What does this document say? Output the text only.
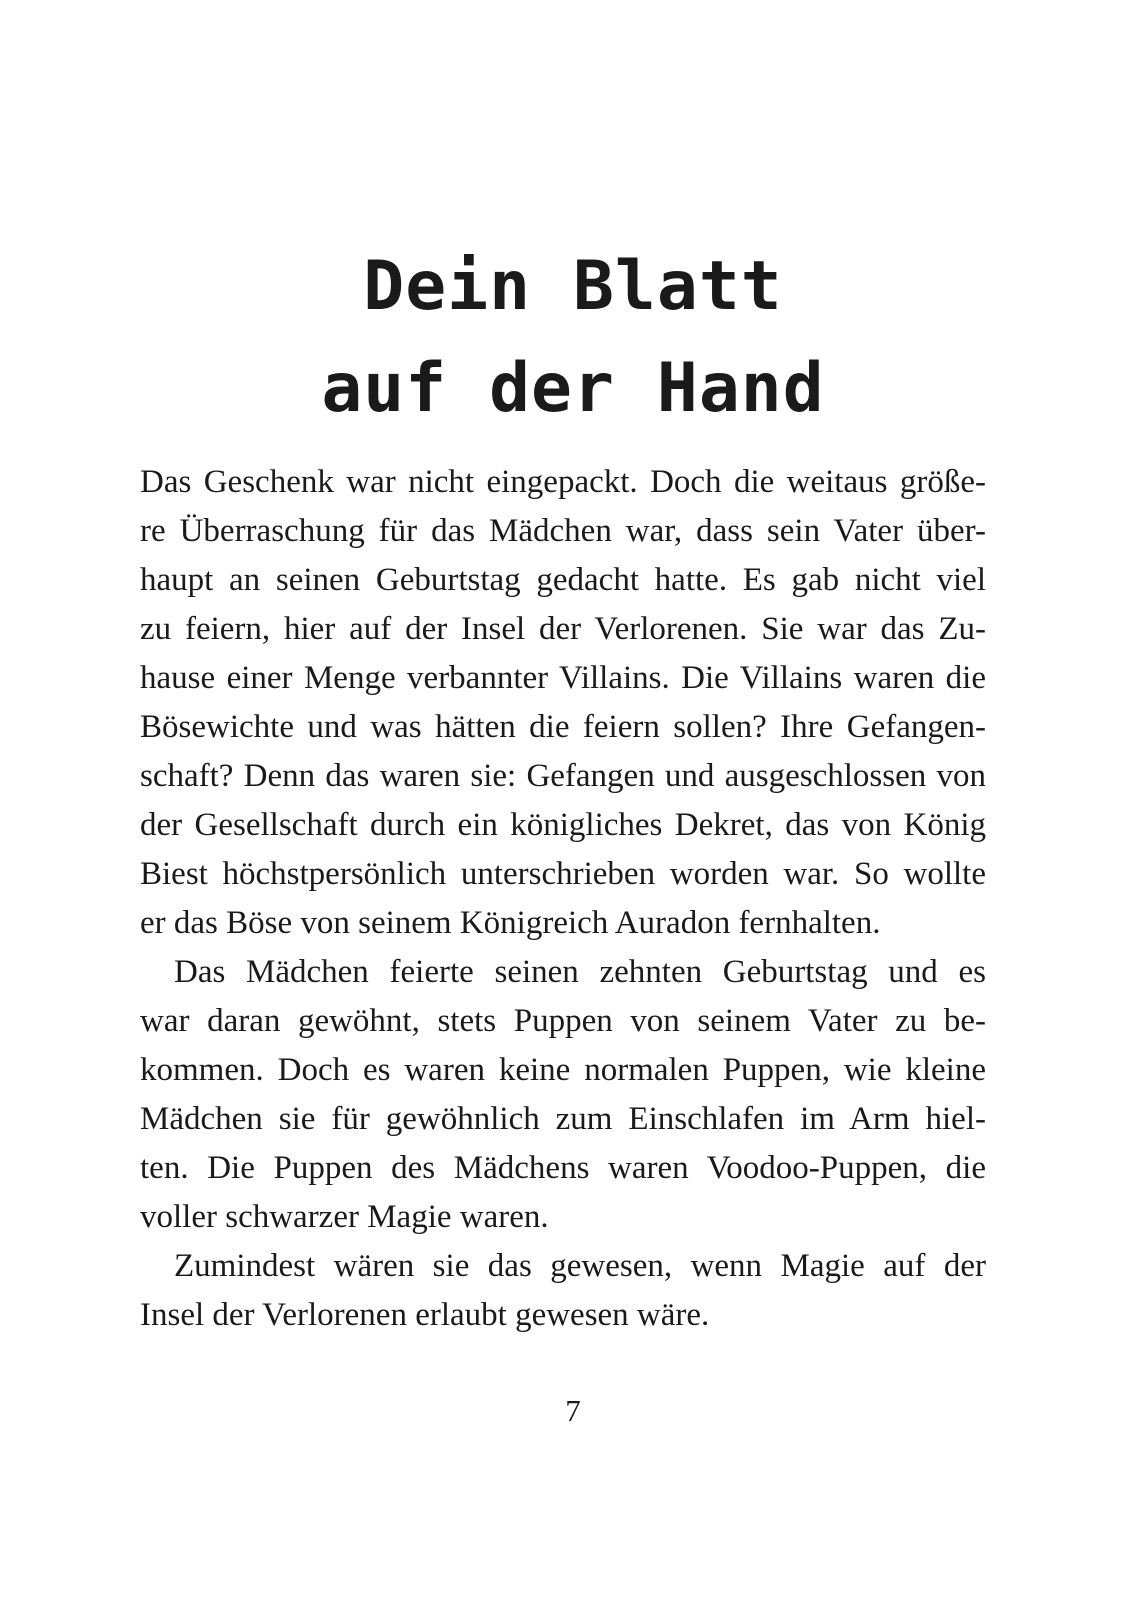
Dein Blatt
auf der Hand

Das Geschenk war nicht eingepackt. Doch die weitaus größe-
re Überraschung für das Mädchen war, dass sein Vater über-
haupt an seinen Geburtstag gedacht hatte. Es gab nicht viel
zu feiern, hier auf der Insel der Verlorenen. Sie war das Zu-
hause einer Menge verbannter Villains. Die Villains waren die
Bösewichte und was hätten die feiern sollen? Ihre Gefangen-
schaft? Denn das waren sie: Gefangen und ausgeschlossen von
der Gesellschaft durch ein königliches Dekret, das von König
Biest höchstpersönlich unterschrieben worden war. So wollte
er das Böse von seinem Königreich Auradon fernhalten.

Das Mädchen feierte seinen zehnten Geburtstag und es
war daran gewöhnt, stets Puppen von seinem Vater zu be-
kommen. Doch es waren keine normalen Puppen, wie kleine
Mädchen sie für gewöhnlich zum Einschlafen im Arm hiel-
ten. Die Puppen des Mädchens waren Voodoo-Puppen, die
voller schwarzer Magie waren.

Zumindest wären sie das gewesen, wenn Magie auf der
Insel der Verlorenen erlaubt gewesen wäre.

7
